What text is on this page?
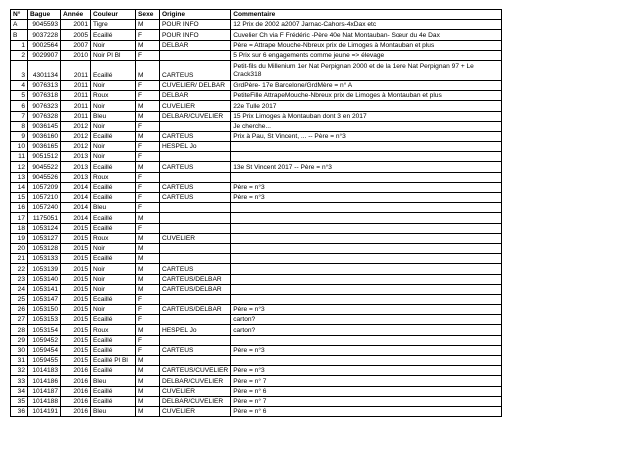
N°	Bague	Année	Couleur	Sexe	Origine	Commentaire
A	9045593	2001	Tigre	M	POUR INFO	12 Prix de 2002 a2007 Jarnac-Cahors-4xDax etc
B	9037228	2005	Ecaillé	F	POUR INFO	Cuvelier Ch via F Frédéric -Père 40e Nat Montauban- Sœur du 4e Dax
1	9002564	2007	Noir	M	DELBAR	Père = Attrape Mouche-Nbreux prix de Limoges à Montauban et plus
2	9029907	2010	Noir Pl Bl	F		5 Prix sur 6 engagements comme jeune => élevage
3	4301134	2011	Ecaillé	M	CARTEUS	Petit-fils du Millenium 1er Nat Perpignan 2000 et de la 1ere Nat Perpignan 97 + Le Crack318
4	9076313	2011	Noir	F	CUVELIER/ DELBAR	GrdPère- 17e Barcelone/GrdMère = n° A
5	9076318	2011	Roux	F	DELBAR	PetiteFille AttrapeMouche-Nbreux prix de Limoges à Montauban et plus
6	9076323	2011	Noir	M	CUVELIER	22e Tulle 2017
7	9076328	2011	Bleu	M	DELBAR/CUVELIER	15 Prix Limoges à Montauban dont 3 en 2017
8	9036145	2012	Noir	F		Je cherche...
9	9036160	2012	Ecaillé	M	CARTEUS	Prix à Pau, St Vincent, ... -- Père = n°3
10	9036165	2012	Noir	F	HESPEL Jo	
11	9051512	2013	Noir	F		
12	9045522	2013	Ecaillé	M	CARTEUS	13e St Vincent 2017 -- Père = n°3
13	9045526	2013	Roux	F		
14	1057209	2014	Ecaillé	F	CARTEUS	Père = n°3
15	1057210	2014	Ecaillé	F	CARTEUS	Père = n°3
16	1057240	2014	Bleu	F		
17	1175051	2014	Ecaillé	M		
18	1053124	2015	Ecaillé	F		
19	1053127	2015	Roux	M	CUVELIER	
20	1053128	2015	Noir	M		
21	1053133	2015	Ecaillé	M		
22	1053139	2015	Noir	M	CARTEUS	
23	1053140	2015	Noir	M	CARTEUS/DELBAR	
24	1053141	2015	Noir	M	CARTEUS/DELBAR	
25	1053147	2015	Ecaillé	F		
26	1053150	2015	Noir	F	CARTEUS/DELBAR	Père = n°3
27	1053153	2015	Ecaillé	F		carton?
28	1053154	2015	Roux	M	HESPEL Jo	carton?
29	1059452	2015	Ecaillé	F		
30	1059454	2015	Ecaillé	F	CARTEUS	Père = n°3
31	1059455	2015	Ecaillé Pl Bl	M		
32	1014183	2016	Ecaillé	M	CARTEUS/CUVELIER	Père = n°3
33	1014186	2016	Bleu	M	DELBAR/CUVELIER	Père = n° 7
34	1014187	2016	Ecaillé	M	CUVELIER	Père = n° 6
35	1014188	2016	Ecaillé	M	DELBAR/CUVELIER	Père = n° 7
36	1014191	2016	Bleu	M	CUVELIER	Père = n° 6
